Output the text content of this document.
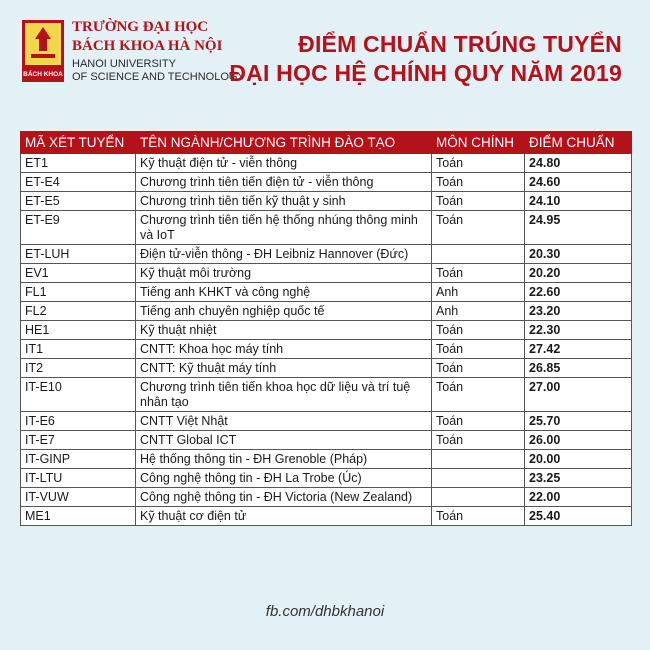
BÁCH KHOA
TRƯỜNG ĐẠI HỌC
BÁCH KHOA HÀ NỘI
HANOI UNIVERSITY
OF SCIENCE AND TECHNOLOGY
ĐIỂM CHUẨN TRÚNG TUYỂN
ĐẠI HỌC HỆ CHÍNH QUY NĂM 2019
MÃ XÉT TUYỂN	TÊN NGÀNH/CHƯƠNG TRÌNH ĐÀO TẠO	MÔN CHÍNH	ĐIỂM CHUẨN
ET1	Kỹ thuật điện tử - viễn thông	Toán	24.80
ET-E4	Chương trình tiên tiến điện tử - viễn thông	Toán	24.60
ET-E5	Chương trình tiên tiến kỹ thuật y sinh	Toán	24.10
ET-E9	Chương trình tiên tiến hệ thống nhúng thông minh và IoT	Toán	24.95
ET-LUH	Điện tử-viễn thông - ĐH Leibniz Hannover (Đức)		20.30
EV1	Kỹ thuật môi trường	Toán	20.20
FL1	Tiếng anh KHKT và công nghệ	Anh	22.60
FL2	Tiếng anh chuyên nghiệp quốc tế	Anh	23.20
HE1	Kỹ thuật nhiệt	Toán	22.30
IT1	CNTT: Khoa học máy tính	Toán	27.42
IT2	CNTT: Kỹ thuật máy tính	Toán	26.85
IT-E10	Chương trình tiên tiến khoa học dữ liệu và trí tuệ nhân tạo	Toán	27.00
IT-E6	CNTT Việt Nhật	Toán	25.70
IT-E7	CNTT Global ICT	Toán	26.00
IT-GINP	Hệ thống thông tin - ĐH Grenoble (Pháp)		20.00
IT-LTU	Công nghệ thông tin - ĐH La Trobe (Úc)		23.25
IT-VUW	Công nghệ thông tin - ĐH Victoria (New Zealand)		22.00
ME1	Kỹ thuật cơ điện tử	Toán	25.40
fb.com/dhbkhanoi
